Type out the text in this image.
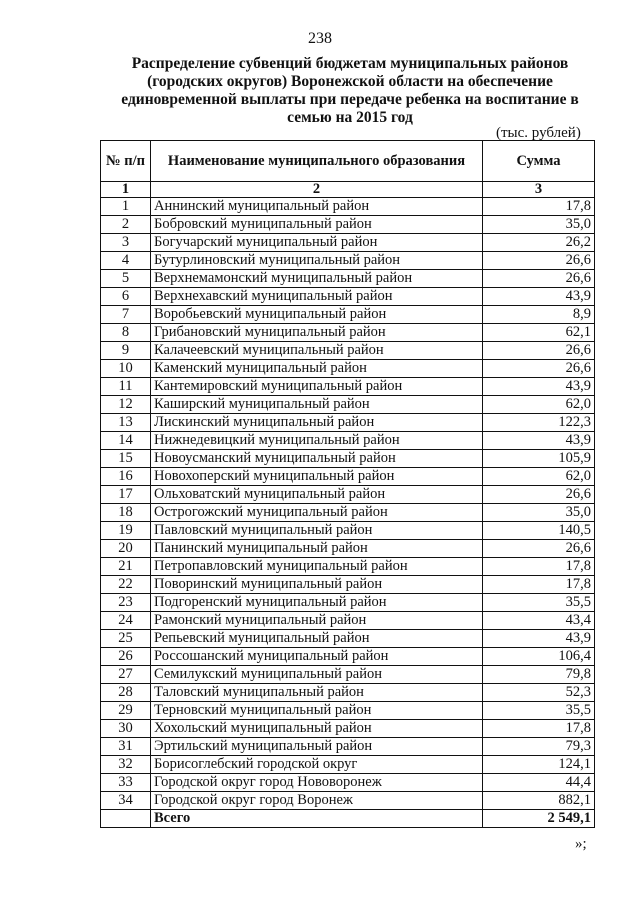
238
Распределение субвенций бюджетам муниципальных районов (городских округов) Воронежской области на обеспечение единовременной выплаты при передаче ребенка на воспитание в семью на 2015 год
(тыс. рублей)
№ п/п	Наименование муниципального образования	Сумма
1	2	3
1	Аннинский муниципальный район	17,8
2	Бобровский муниципальный район	35,0
3	Богучарский муниципальный район	26,2
4	Бутурлиновский муниципальный район	26,6
5	Верхнемамонский муниципальный район	26,6
6	Верхнехавский муниципальный район	43,9
7	Воробьевский муниципальный район	8,9
8	Грибановский муниципальный район	62,1
9	Калачеевский муниципальный район	26,6
10	Каменский муниципальный район	26,6
11	Кантемировский муниципальный район	43,9
12	Каширский муниципальный район	62,0
13	Лискинский муниципальный район	122,3
14	Нижнедевицкий муниципальный район	43,9
15	Новоусманский муниципальный район	105,9
16	Новохоперский муниципальный район	62,0
17	Ольховатский муниципальный район	26,6
18	Острогожский муниципальный район	35,0
19	Павловский муниципальный район	140,5
20	Панинский муниципальный район	26,6
21	Петропавловский муниципальный район	17,8
22	Поворинский муниципальный район	17,8
23	Подгоренский муниципальный район	35,5
24	Рамонский муниципальный район	43,4
25	Репьевский муниципальный район	43,9
26	Россошанский муниципальный район	106,4
27	Семилукский муниципальный район	79,8
28	Таловский муниципальный район	52,3
29	Терновский муниципальный район	35,5
30	Хохольский муниципальный район	17,8
31	Эртильский муниципальный район	79,3
32	Борисоглебский городской округ	124,1
33	Городской округ город Нововоронеж	44,4
34	Городской округ город Воронеж	882,1
	Всего	2 549,1
»;
